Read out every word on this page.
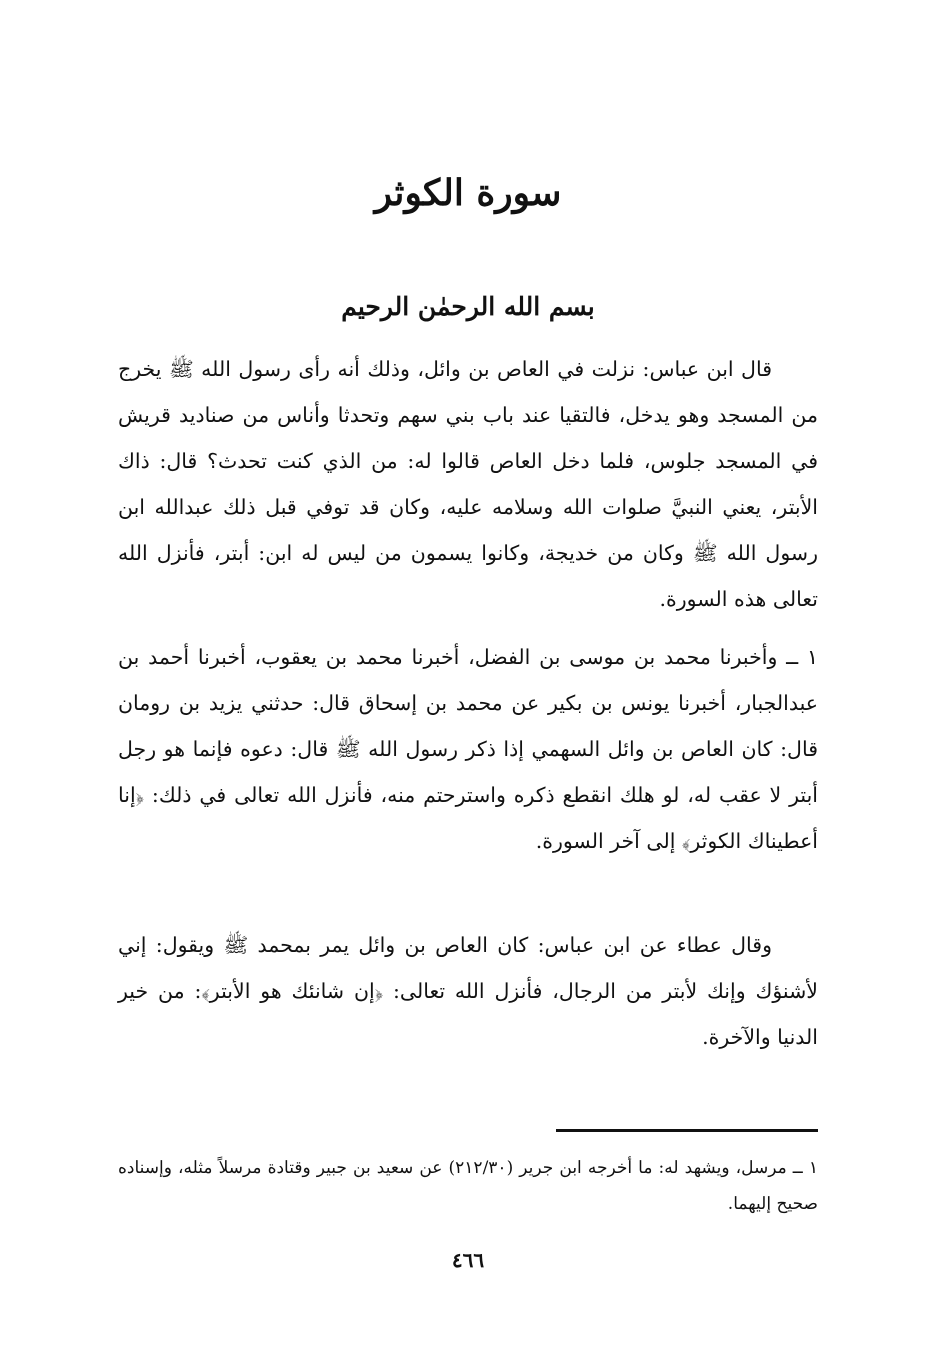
سورة الكوثر
بسم الله الرحمٰن الرحيم

قال ابن عباس: نزلت في العاص بن وائل، وذلك أنه رأى رسول الله ﷺ يخرج من المسجد وهو يدخل، فالتقيا عند باب بني سهم وتحدثا وأناس من صناديد قريش في المسجد جلوس، فلما دخل العاص قالوا له: من الذي كنت تحدث؟ قال: ذاك الأبتر، يعني النبيَّ صلوات الله وسلامه عليه، وكان قد توفي قبل ذلك عبدالله ابن رسول الله ﷺ وكان من خديجة، وكانوا يسمون من ليس له ابن: أبتر، فأنزل الله تعالى هذه السورة.

١ ــ وأخبرنا محمد بن موسى بن الفضل، أخبرنا محمد بن يعقوب، أخبرنا أحمد بن عبدالجبار، أخبرنا يونس بن بكير عن محمد بن إسحاق قال: حدثني يزيد بن رومان قال: كان العاص بن وائل السهمي إذا ذكر رسول الله ﷺ قال: دعوه فإنما هو رجل أبتر لا عقب له، لو هلك انقطع ذكره واسترحتم منه، فأنزل الله تعالى في ذلك: ﴿إنا أعطيناك الكوثر﴾ إلى آخر السورة.

وقال عطاء عن ابن عباس: كان العاص بن وائل يمر بمحمد ﷺ ويقول: إني لأشنؤك وإنك لأبتر من الرجال، فأنزل الله تعالى: ﴿إن شانئك هو الأبتر﴾: من خير الدنيا والآخرة.

١ ــ مرسل، ويشهد له: ما أخرجه ابن جرير (٢١٢/٣٠) عن سعيد بن جبير وقتادة مرسلاً مثله، وإسناده صحيح إليهما.

٤٦٦
